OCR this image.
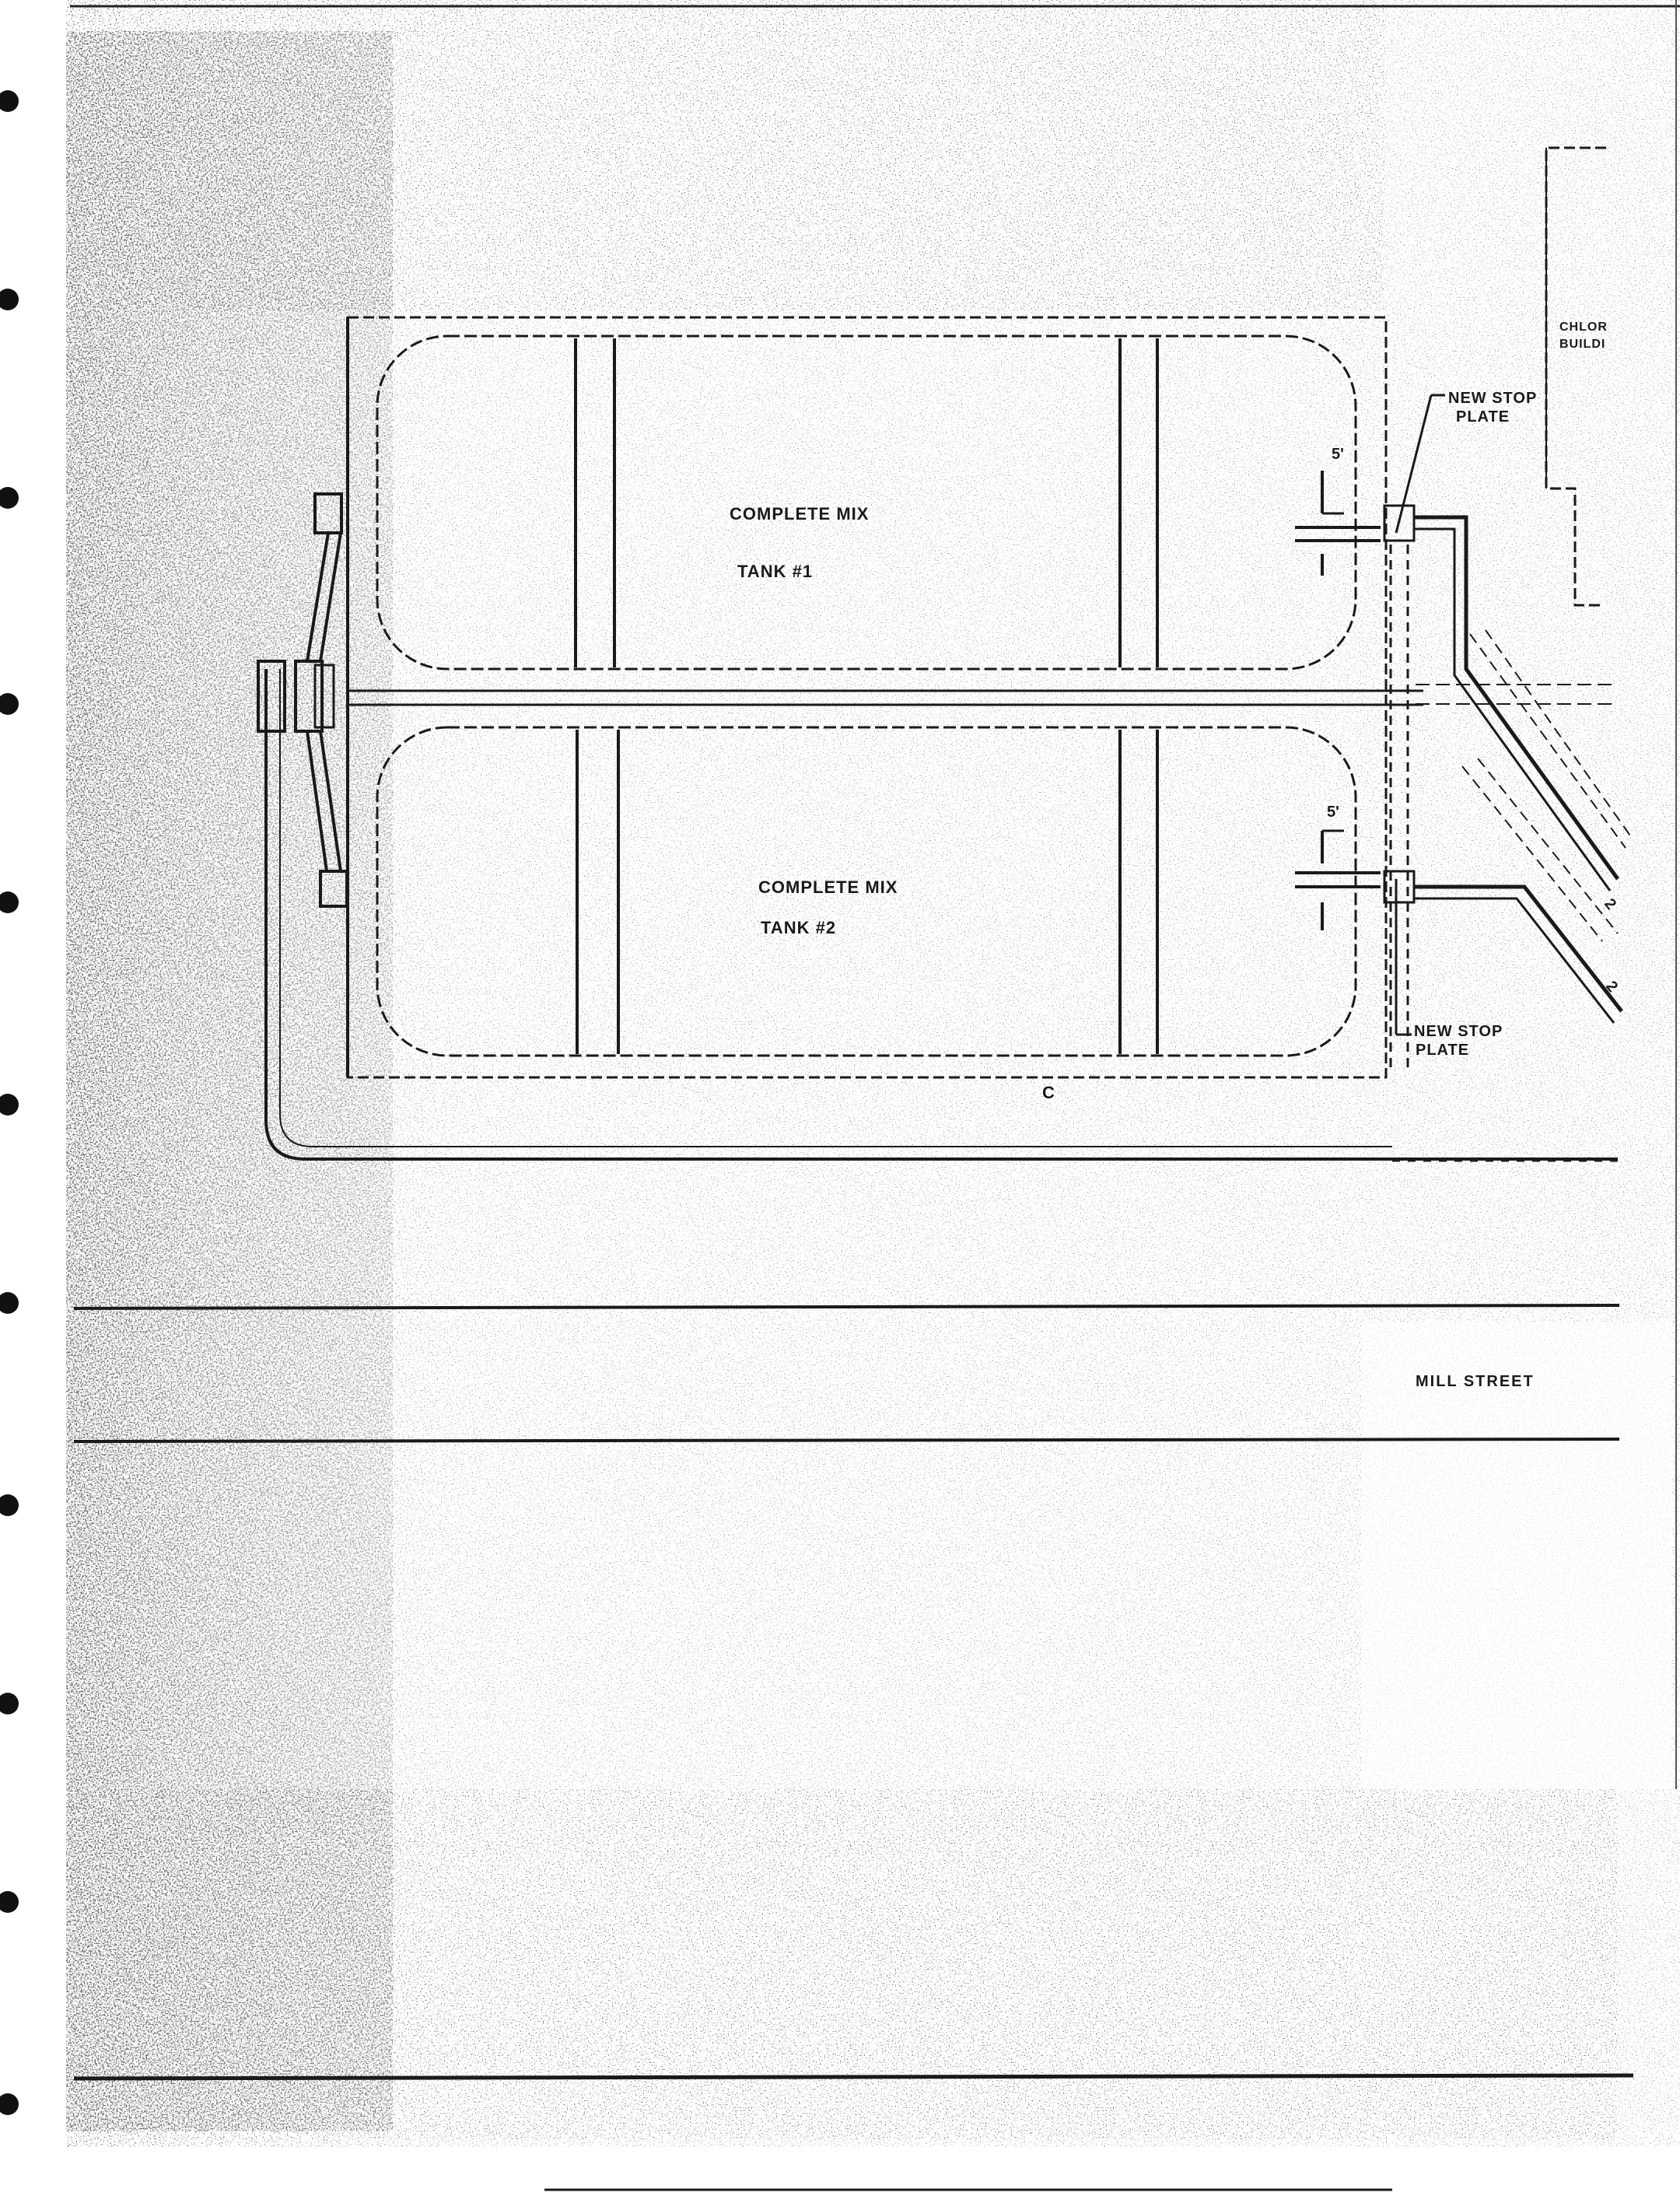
COMPLETE MIX
TANK #1
COMPLETE MIX
TANK #2
NEW STOP
PLATE
NEW STOP
PLATE
5'
5'
CHLOR
BUILDI
2
2
C
MILL STREET
